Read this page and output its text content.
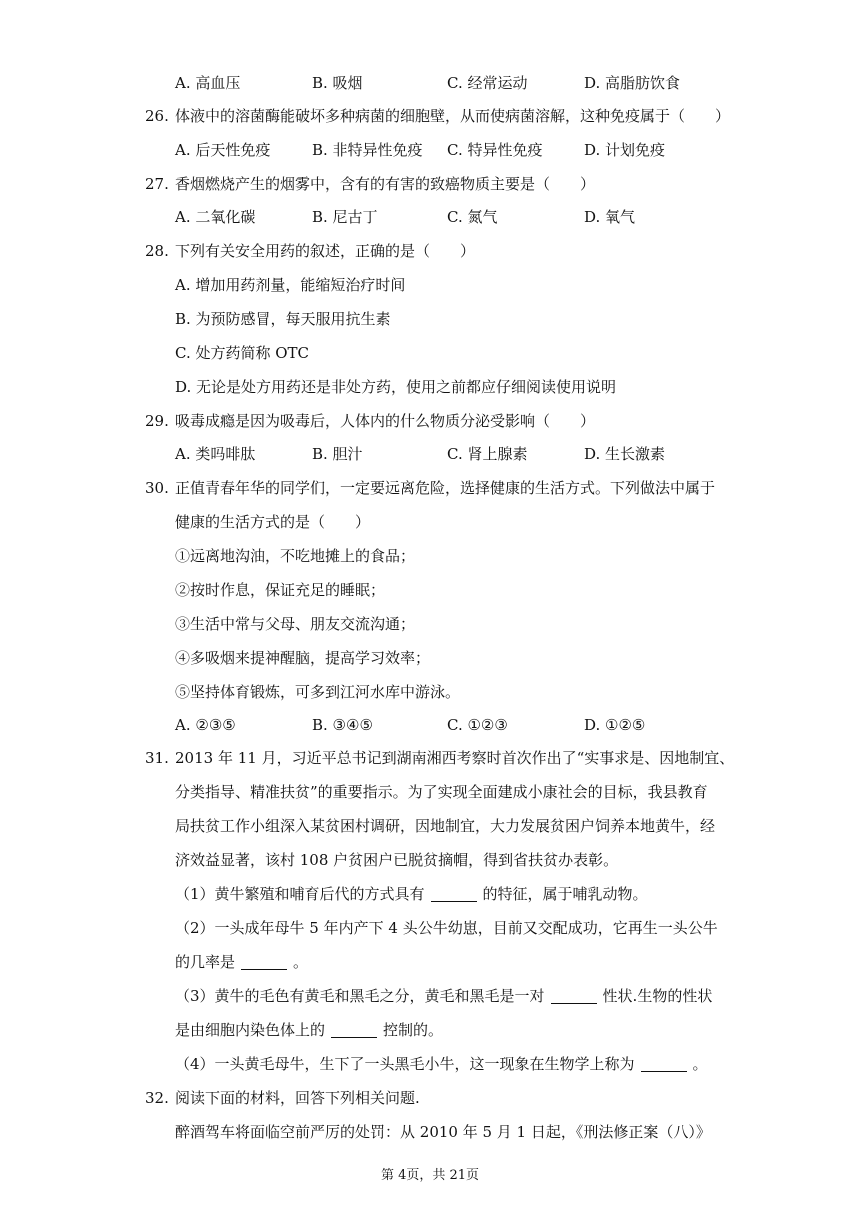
A. 高血压	B. 吸烟	C. 经常运动	D. 高脂肪饮食
26. 体液中的溶菌酶能破坏多种病菌的细胞壁，从而使病菌溶解，这种免疫属于（　　）
A. 后天性免疫	B. 非特异性免疫 C. 特异性免疫	D. 计划免疫
27. 香烟燃烧产生的烟雾中，含有的有害的致癌物质主要是（　　）
A. 二氧化碳	B. 尼古丁	C. 氮气	D. 氧气
28. 下列有关安全用药的叙述，正确的是（　　）
A. 增加用药剂量，能缩短治疗时间
B. 为预防感冒，每天服用抗生素
C. 处方药简称 OTC
D. 无论是处方用药还是非处方药，使用之前都应仔细阅读使用说明
29. 吸毒成瘾是因为吸毒后，人体内的什么物质分泌受影响（　　）
A. 类吗啡肽	B. 胆汁	C. 肾上腺素	D. 生长激素
30. 正值青春年华的同学们，一定要远离危险，选择健康的生活方式。下列做法中属于
健康的生活方式的是（　　）
①远离地沟油，不吃地摊上的食品；
②按时作息，保证充足的睡眠；
③生活中常与父母、朋友交流沟通；
④多吸烟来提神醒脑，提高学习效率；
⑤坚持体育锻炼，可多到江河水库中游泳。
A. ②③⑤	B. ③④⑤	C. ①②③	D. ①②⑤
31. 2013 年 11 月，习近平总书记到湖南湘西考察时首次作出了“实事求是、因地制宜、
分类指导、精准扶贫”的重要指示。为了实现全面建成小康社会的目标，我县教育
局扶贫工作小组深入某贫困村调研，因地制宜，大力发展贫困户饲养本地黄牛，经
济效益显著，该村 108 户贫困户已脱贫摘帽，得到省扶贫办表彰。
（1）黄牛繁殖和哺育后代的方式具有	的特征，属于哺乳动物。
（2）一头成年母牛 5 年内产下 4 头公牛幼崽，目前又交配成功，它再生一头公牛
的几率是	。
（3）黄牛的毛色有黄毛和黑毛之分，黄毛和黑毛是一对	性状.生物的性状
是由细胞内染色体上的	控制的。
（4）一头黄毛母牛，生下了一头黑毛小牛，这一现象在生物学上称为	。
32. 阅读下面的材料，回答下列相关问题.
醉酒驾车将面临空前严厉的处罚：从 2010 年 5 月 1 日起，《刑法修正案（八）》
第 4页，共 21页
